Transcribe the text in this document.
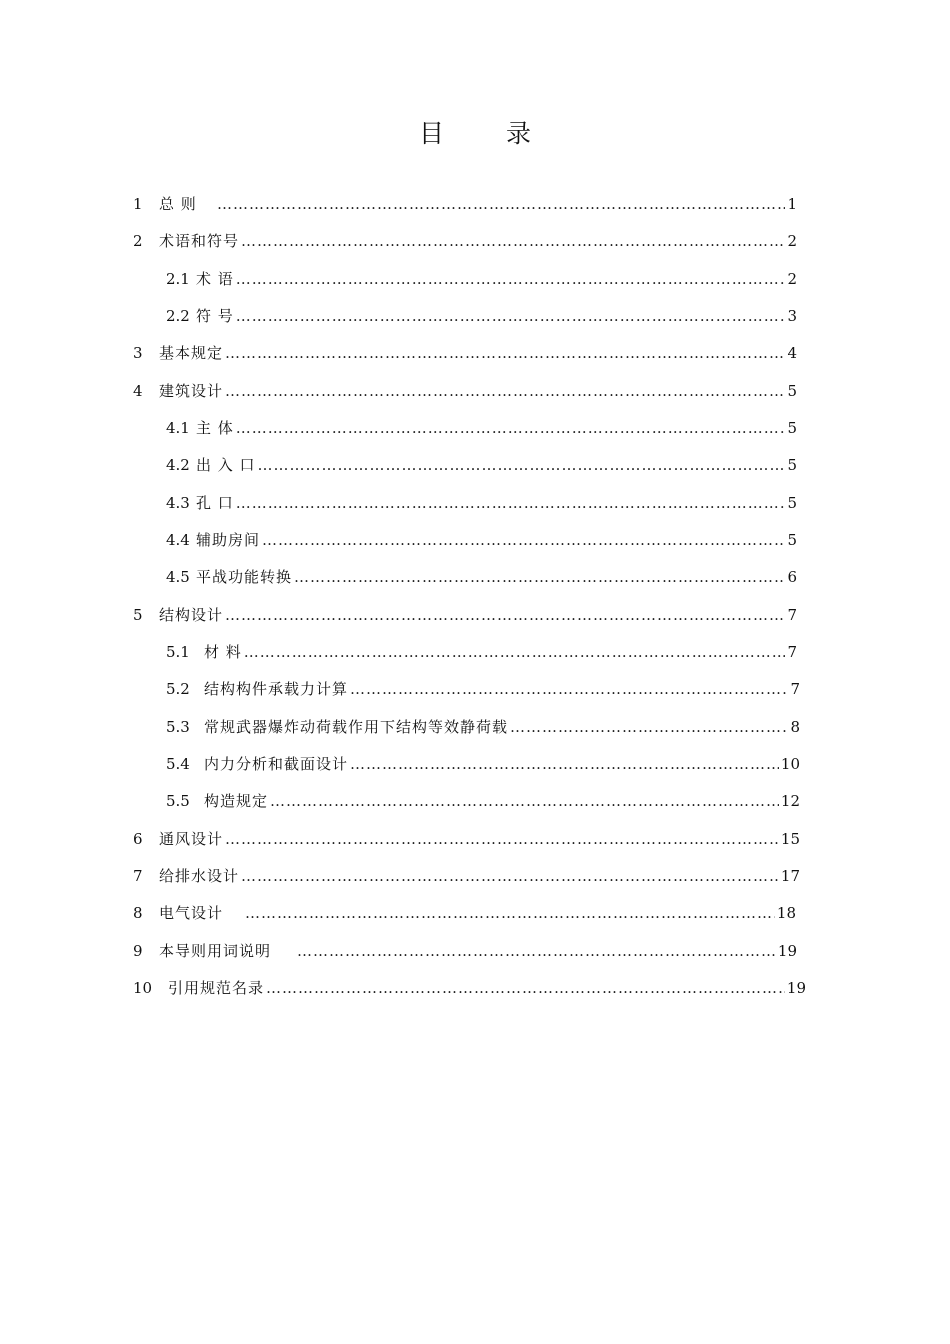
目 录
1	总 则 …………………………………………………………………………………………………………………………………………………………………………………………	1
2	术语和符号 …………………………………………………………………………………………………………………………………………………………………………………………	2
2.1 术 语 …………………………………………………………………………………………………………………………………………………………………………………………	2
2.2 符 号 …………………………………………………………………………………………………………………………………………………………………………………………	3
3	基本规定 …………………………………………………………………………………………………………………………………………………………………………………………	4
4	建筑设计 …………………………………………………………………………………………………………………………………………………………………………………………	5
4.1 主 体 …………………………………………………………………………………………………………………………………………………………………………………………	5
4.2 出 入 口 …………………………………………………………………………………………………………………………………………………………………………………………	5
4.3 孔 口 …………………………………………………………………………………………………………………………………………………………………………………………	5
4.4 辅助房间 …………………………………………………………………………………………………………………………………………………………………………………………	5
4.5 平战功能转换 …………………………………………………………………………………………………………………………………………………………………………………………	6
5	结构设计 …………………………………………………………………………………………………………………………………………………………………………………………	7
5.1 材 料 …………………………………………………………………………………………………………………………………………………………………………………………	7
5.2 结构构件承载力计算 …………………………………………………………………………………………………………………………………………………………………………………………	7
5.3 常规武器爆炸动荷载作用下结构等效静荷载 …………………………………………………………………………………………………………………………………………………………………………………………	8
5.4 内力分析和截面设计 …………………………………………………………………………………………………………………………………………………………………………………………	10
5.5 构造规定 …………………………………………………………………………………………………………………………………………………………………………………………	12
6	通风设计 …………………………………………………………………………………………………………………………………………………………………………………………	15
7	给排水设计 …………………………………………………………………………………………………………………………………………………………………………………………	17
8	电气设计 …………………………………………………………………………………………………………………………………………………………………………………………	18
9	本导则用词说明 …………………………………………………………………………………………………………………………………………………………………………………………	19
10	引用规范名录 …………………………………………………………………………………………………………………………………………………………………………………………	19
